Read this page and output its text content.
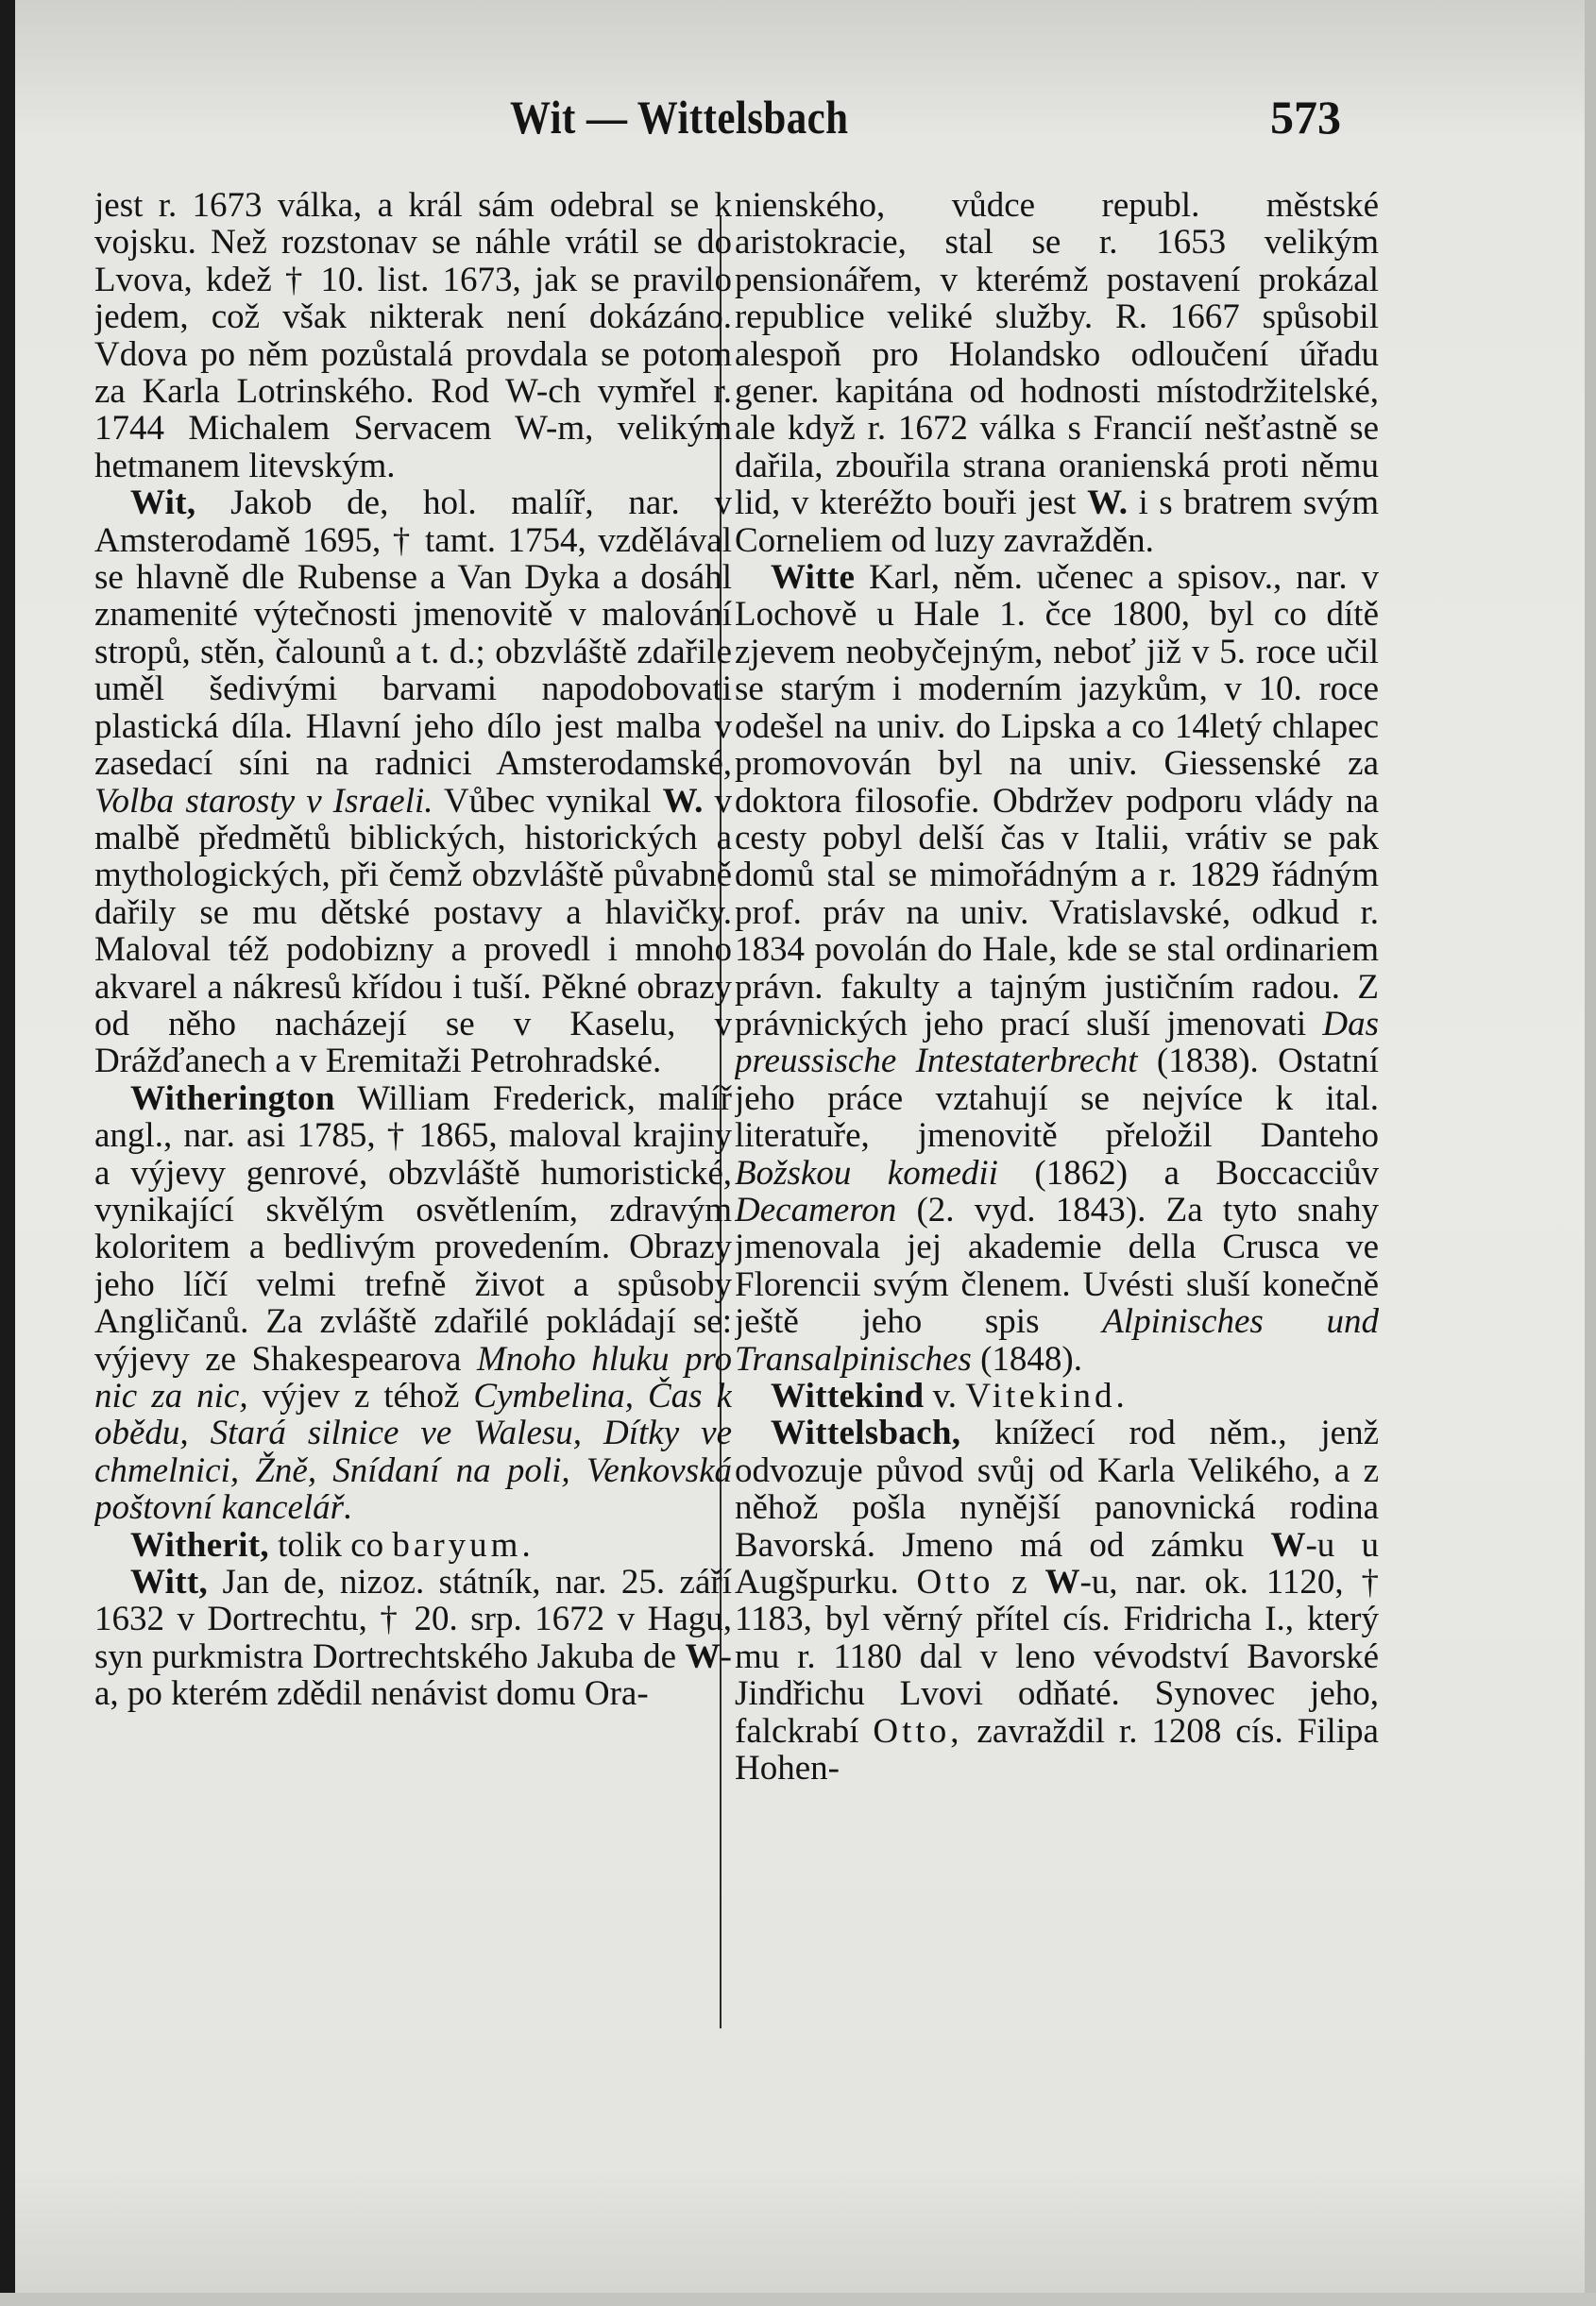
Wit — Wittelsbach	573

jest r. 1673 válka, a král sám odebral se k vojsku. Než rozstonav se náhle vrátil se do Lvova, kdež † 10. list. 1673, jak se pravilo jedem, což však nikterak není dokázáno. Vdova po něm pozůstalá provdala se potom za Karla Lotrinského. Rod W-ch vymřel r. 1744 Michalem Servacem W-m, velikým hetmanem litevským.

Wit, Jakob de, hol. malíř, nar. v Amsterodamě 1695, † tamt. 1754, vzdělával se hlavně dle Rubense a Van Dyka a dosáhl znamenité výtečnosti jmenovitě v malování stropů, stěn, čalounů a t. d.; obzvláště zdařile uměl šedivými barvami napodobovati plastická díla. Hlavní jeho dílo jest malba v zasedací síni na radnici Amsterodamské, Volba starosty v Israeli. Vůbec vynikal W. v malbě předmětů biblických, historických a mythologických, při čemž obzvláště půvabně dařily se mu dětské postavy a hlavičky. Maloval též podobizny a provedl i mnoho akvarel a nákresů křídou i tuší. Pěkné obrazy od něho nacházejí se v Kaselu, v Drážďanech a v Eremitaži Petrohradské.

Witherington William Frederick, malíř angl., nar. asi 1785, † 1865, maloval krajiny a výjevy genrové, obzvláště humoristické, vynikající skvělým osvětlením, zdravým koloritem a bedlivým provedením. Obrazy jeho líčí velmi trefně život a spůsoby Angličanů. Za zvláště zdařilé pokládají se: výjevy ze Shakespearova Mnoho hluku pro nic za nic, výjev z téhož Cymbelina, Čas k obědu, Stará silnice ve Walesu, Dítky ve chmelnici, Žně, Snídaní na poli, Venkovská poštovní kancelář.

Witherit, tolik co baryum.

Witt, Jan de, nizoz. státník, nar. 25. září 1632 v Dortrechtu, † 20. srp. 1672 v Hagu, syn purkmistra Dortrechtského Jakuba de W-a, po kterém zdědil nenávist domu Ora-

nienského, vůdce republ. městské aristokracie, stal se r. 1653 velikým pensionářem, v kterémž postavení prokázal republice veliké služby. R. 1667 spůsobil alespoň pro Holandsko odloučení úřadu gener. kapitána od hodnosti místodržitelské, ale když r. 1672 válka s Francií nešťastně se dařila, zbouřila strana oranienská proti němu lid, v kteréžto bouři jest W. i s bratrem svým Corneliem od luzy zavražděn.

Witte Karl, něm. učenec a spisov., nar. v Lochově u Hale 1. čce 1800, byl co dítě zjevem neobyčejným, neboť již v 5. roce učil se starým i moderním jazykům, v 10. roce odešel na univ. do Lipska a co 14letý chlapec promovován byl na univ. Giessenské za doktora filosofie. Obdržev podporu vlády na cesty pobyl delší čas v Italii, vrátiv se pak domů stal se mimořádným a r. 1829 řádným prof. práv na univ. Vratislavské, odkud r. 1834 povolán do Hale, kde se stal ordinariem právn. fakulty a tajným justičním radou. Z právnických jeho prací sluší jmenovati Das preussische Intestaterbrecht (1838). Ostatní jeho práce vztahují se nejvíce k ital. literatuře, jmenovitě přeložil Danteho Božskou komedii (1862) a Boccacciův Decameron (2. vyd. 1843). Za tyto snahy jmenovala jej akademie della Crusca ve Florencii svým členem. Uvésti sluší konečně ještě jeho spis Alpinisches und Transalpinisches (1848).

Wittekind v. Vitekind.

Wittelsbach, knížecí rod něm., jenž odvozuje původ svůj od Karla Velikého, a z něhož pošla nynější panovnická rodina Bavorská. Jmeno má od zámku W-u u Augšpurku. Otto z W-u, nar. ok. 1120, † 1183, byl věrný přítel cís. Fridricha I., který mu r. 1180 dal v leno vévodství Bavorské Jindřichu Lvovi odňaté. Synovec jeho, falckrabí Otto, zavraždil r. 1208 cís. Filipa Hohen-
